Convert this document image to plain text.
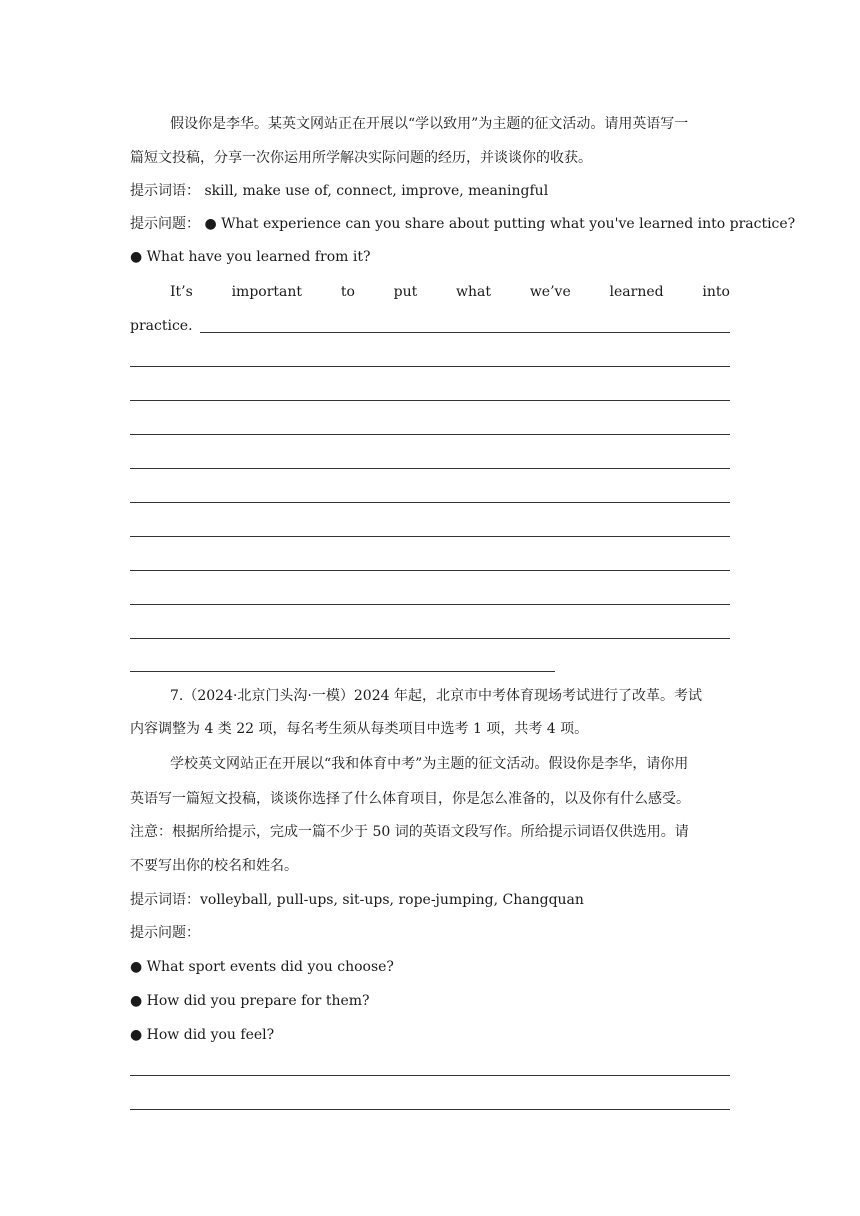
假设你是李华。某英文网站正在开展以“学以致用”为主题的征文活动。请用英语写一
篇短文投稿，分享一次你运用所学解决实际问题的经历，并谈谈你的收获。
提示词语： skill, make use of, connect, improve, meaningful
提示问题： ● What experience can you share about putting what you've learned into practice?
● What have you learned from it?
It’s	important	to	put	what	we’ve	learned	into
practice.
7.（2024·北京门头沟·一模）2024 年起，北京市中考体育现场考试进行了改革。考试
内容调整为 4 类 22 项，每名考生须从每类项目中选考 1 项，共考 4 项。
学校英文网站正在开展以“我和体育中考”为主题的征文活动。假设你是李华，请你用
英语写一篇短文投稿，谈谈你选择了什么体育项目，你是怎么准备的，以及你有什么感受。
注意：根据所给提示，完成一篇不少于 50 词的英语文段写作。所给提示词语仅供选用。请
不要写出你的校名和姓名。
提示词语：volleyball, pull-ups, sit-ups, rope-jumping, Changquan
提示问题：
● What sport events did you choose?
● How did you prepare for them?
● How did you feel?
